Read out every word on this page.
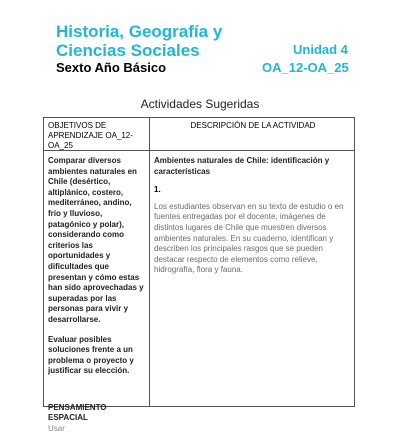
Historia, Geografía y Ciencias Sociales	Unidad 4
Sexto Año Básico	OA_12-OA_25
Actividades Sugeridas
OBJETIVOS DE APRENDIZAJE OA_12-OA_25
DESCRIPCIÓN DE LA ACTIVIDAD

Comparar diversos ambientes naturales en Chile (desértico, altiplánico, costero, mediterráneo, andino, frío y lluvioso, patagónico y polar), considerando como criterios las oportunidades y dificultades que presentan y cómo estas han sido aprovechadas y superadas por las personas para vivir y desarrollarse.

Evaluar posibles soluciones frente a un problema o proyecto y justificar su elección.

PENSAMIENTO ESPACIAL

Usar

Ambientes naturales de Chile: identificación y características

1.

Los estudiantes observan en su texto de estudio o en fuentes entregadas por el docente, imágenes de distintos lugares de Chile que muestren diversos ambientes naturales. En su cuaderno, identifican y describen los principales rasgos que se pueden destacar respecto de elementos como relieve, hidrografía, flora y fauna.
